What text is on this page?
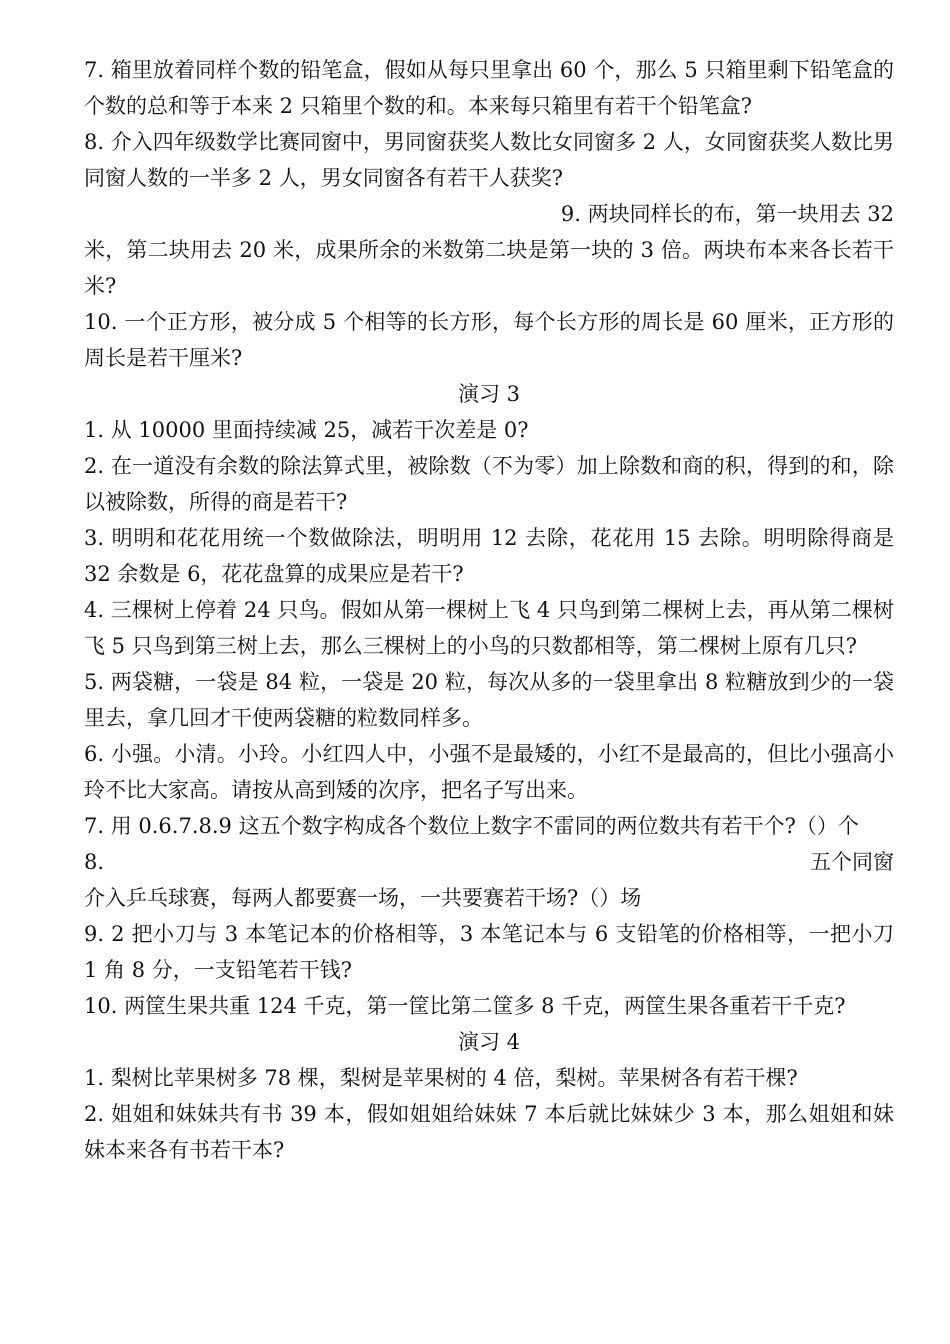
7. 箱里放着同样个数的铅笔盒，假如从每只里拿出 60 个，那么 5 只箱里剩下铅笔盒的个数的总和等于本来 2 只箱里个数的和。本来每只箱里有若干个铅笔盒?

8. 介入四年级数学比赛同窗中，男同窗获奖人数比女同窗多 2 人，女同窗获奖人数比男同窗人数的一半多 2 人，男女同窗各有若干人获奖?

9. 两块同样长的布，第一块用去 32
米，第二块用去 20 米，成果所余的米数第二块是第一块的 3 倍。两块布本来各长若干米?

10. 一个正方形，被分成 5 个相等的长方形，每个长方形的周长是 60 厘米，正方形的周长是若干厘米?

演习 3

1. 从 10000 里面持续减 25，减若干次差是 0?

2. 在一道没有余数的除法算式里，被除数（不为零）加上除数和商的积，得到的和，除以被除数，所得的商是若干?

3. 明明和花花用统一个数做除法，明明用 12 去除，花花用 15 去除。明明除得商是 32 余数是 6，花花盘算的成果应是若干?

4. 三棵树上停着 24 只鸟。假如从第一棵树上飞 4 只鸟到第二棵树上去，再从第二棵树飞 5 只鸟到第三树上去，那么三棵树上的小鸟的只数都相等，第二棵树上原有几只?

5. 两袋糖，一袋是 84 粒，一袋是 20 粒，每次从多的一袋里拿出 8 粒糖放到少的一袋里去，拿几回才干使两袋糖的粒数同样多。

6. 小强。小清。小玲。小红四人中，小强不是最矮的，小红不是最高的，但比小强高小玲不比大家高。请按从高到矮的次序，把名子写出来。

7. 用 0.6.7.8.9 这五个数字构成各个数位上数字不雷同的两位数共有若干个?（）个

8.	五个同窗

介入乒乓球赛，每两人都要赛一场，一共要赛若干场?（）场

9. 2 把小刀与 3 本笔记本的价格相等，3 本笔记本与 6 支铅笔的价格相等，一把小刀 1 角 8 分，一支铅笔若干钱?

10. 两筐生果共重 124 千克，第一筐比第二筐多 8 千克，两筐生果各重若干千克?

演习 4

1. 梨树比苹果树多 78 棵，梨树是苹果树的 4 倍，梨树。苹果树各有若干棵?

2. 姐姐和妹妹共有书 39 本，假如姐姐给妹妹 7 本后就比妹妹少 3 本，那么姐姐和妹妹本来各有书若干本?
